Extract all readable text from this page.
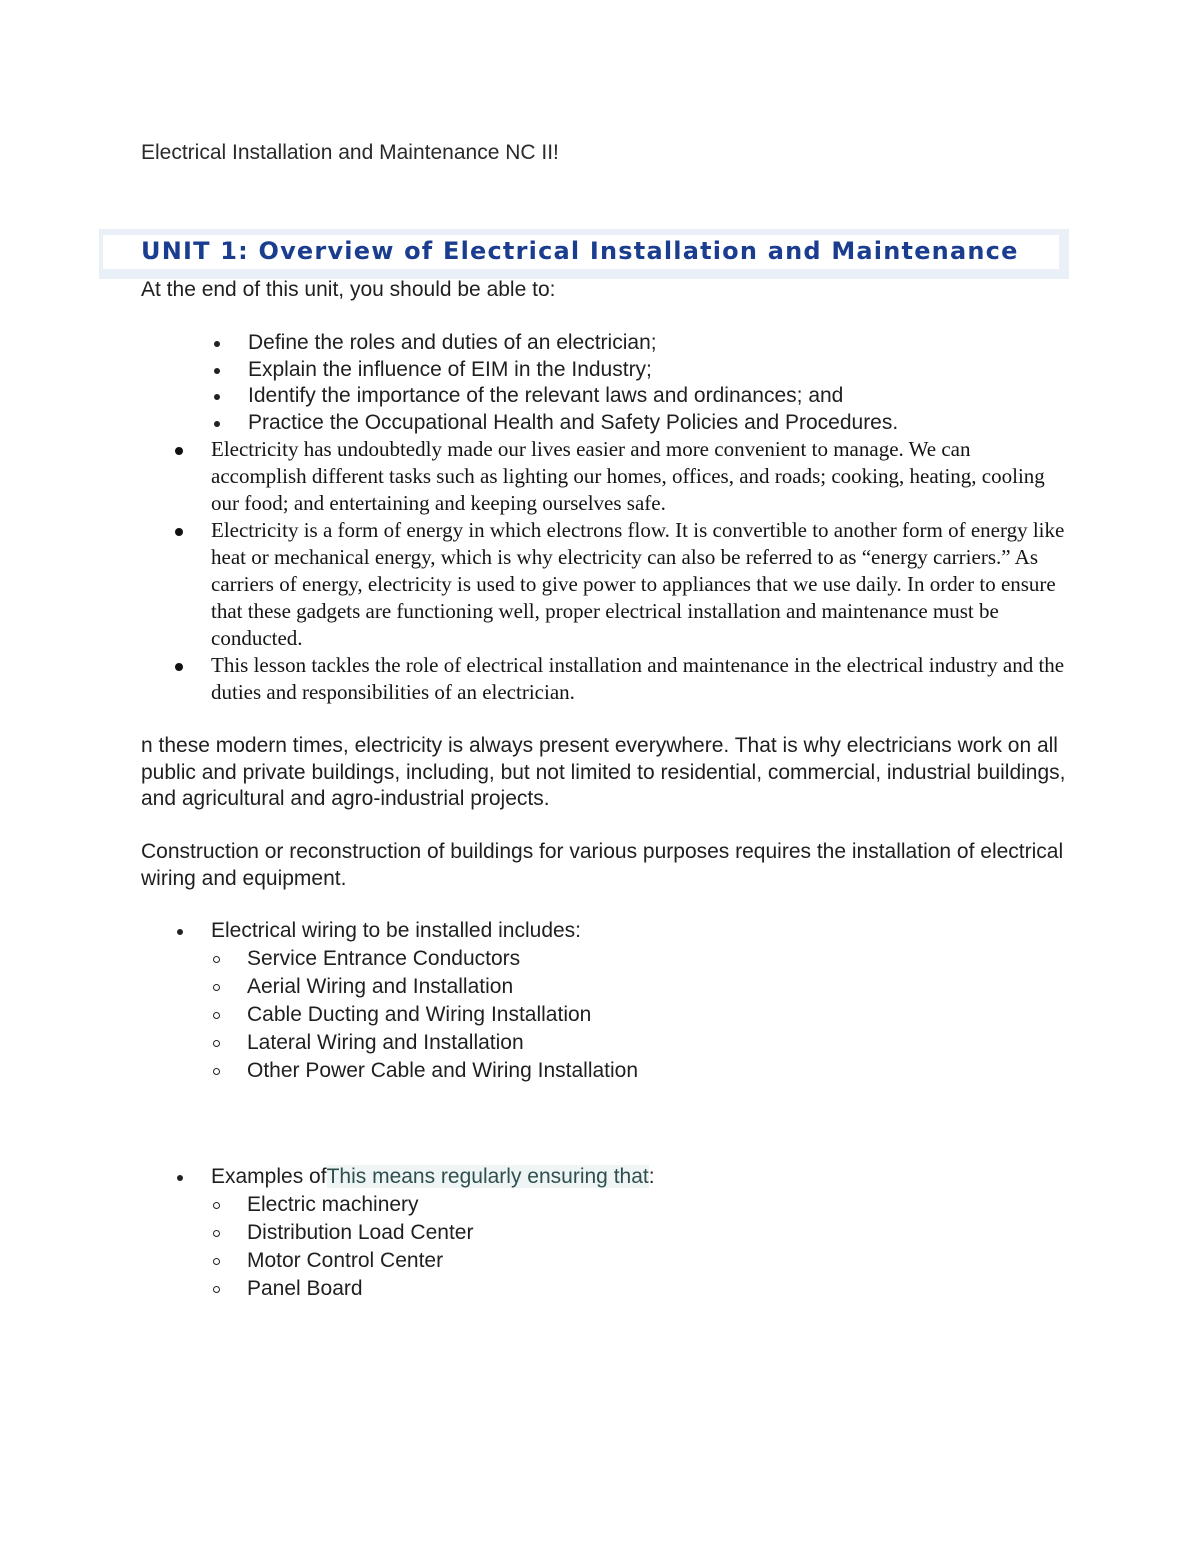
Electrical Installation and Maintenance NC II!

UNIT 1: Overview of Electrical Installation and Maintenance

At the end of this unit, you should be able to:

Define the roles and duties of an electrician;
Explain the influence of EIM in the Industry;
Identify the importance of the relevant laws and ordinances; and
Practice the Occupational Health and Safety Policies and Procedures.
Electricity has undoubtedly made our lives easier and more convenient to manage. We can accomplish different tasks such as lighting our homes, offices, and roads; cooking, heating, cooling our food; and entertaining and keeping ourselves safe.
Electricity is a form of energy in which electrons flow. It is convertible to another form of energy like heat or mechanical energy, which is why electricity can also be referred to as “energy carriers.” As carriers of energy, electricity is used to give power to appliances that we use daily. In order to ensure that these gadgets are functioning well, proper electrical installation and maintenance must be conducted.
This lesson tackles the role of electrical installation and maintenance in the electrical industry and the duties and responsibilities of an electrician.

n these modern times, electricity is always present everywhere. That is why electricians work on all public and private buildings, including, but not limited to residential, commercial, industrial buildings, and agricultural and agro-industrial projects.

Construction or reconstruction of buildings for various purposes requires the installation of electrical wiring and equipment.

Electrical wiring to be installed includes:
Service Entrance Conductors
Aerial Wiring and Installation
Cable Ducting and Wiring Installation
Lateral Wiring and Installation
Other Power Cable and Wiring Installation
Examples ofThis means regularly ensuring that:
Electric machinery
Distribution Load Center
Motor Control Center
Panel Board
